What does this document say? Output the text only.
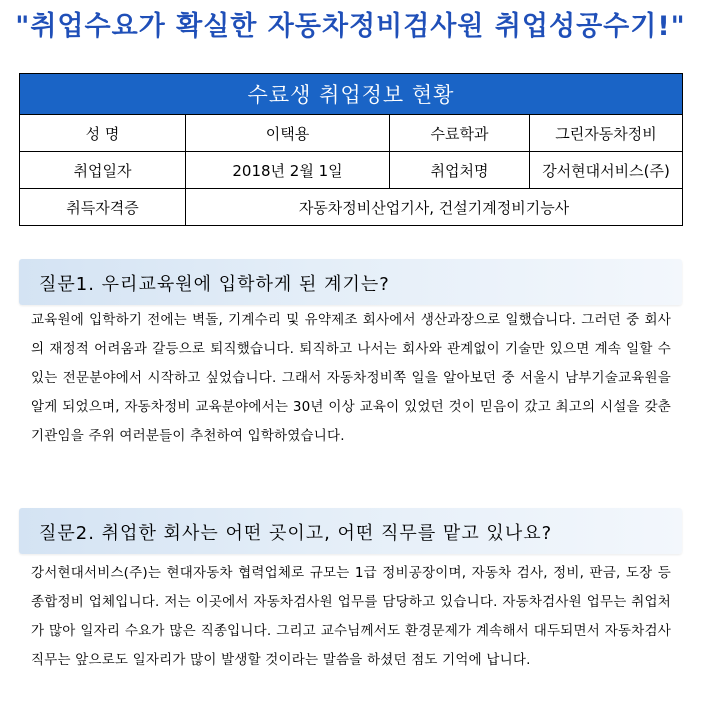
"취업수요가 확실한 자동차정비검사원 취업성공수기!"
수료생 취업정보 현황			
성 명	이택용	수료학과	그린자동차정비
취업일자	2018년 2월 1일	취업처명	강서현대서비스(주)
취득자격증	자동차정비산업기사, 건설기계정비기능사		
질문1. 우리교육원에 입학하게 된 계기는?

교육원에 입학하기 전에는 벽돌, 기계수리 및 유약제조 회사에서 생산과장으로 일했습니다. 그러던 중 회사의 재정적 어려움과 갈등으로 퇴직했습니다. 퇴직하고 나서는 회사와 관계없이 기술만 있으면 계속 일할 수 있는 전문분야에서 시작하고 싶었습니다. 그래서 자동차정비쪽 일을 알아보던 중 서울시 남부기술교육원을 알게 되었으며, 자동차정비 교육분야에서는 30년 이상 교육이 있었던 것이 믿음이 갔고 최고의 시설을 갖춘 기관임을 주위 여러분들이 추천하여 입학하였습니다.

질문2. 취업한 회사는 어떤 곳이고, 어떤 직무를 맡고 있나요?

강서현대서비스(주)는 현대자동차 협력업체로 규모는 1급 정비공장이며, 자동차 검사, 정비, 판금, 도장 등 종합정비 업체입니다. 저는 이곳에서 자동차검사원 업무를 담당하고 있습니다. 자동차검사원 업무는 취업처가 많아 일자리 수요가 많은 직종입니다. 그리고 교수님께서도 환경문제가 계속해서 대두되면서 자동차검사 직무는 앞으로도 일자리가 많이 발생할 것이라는 말씀을 하셨던 점도 기억에 납니다.
